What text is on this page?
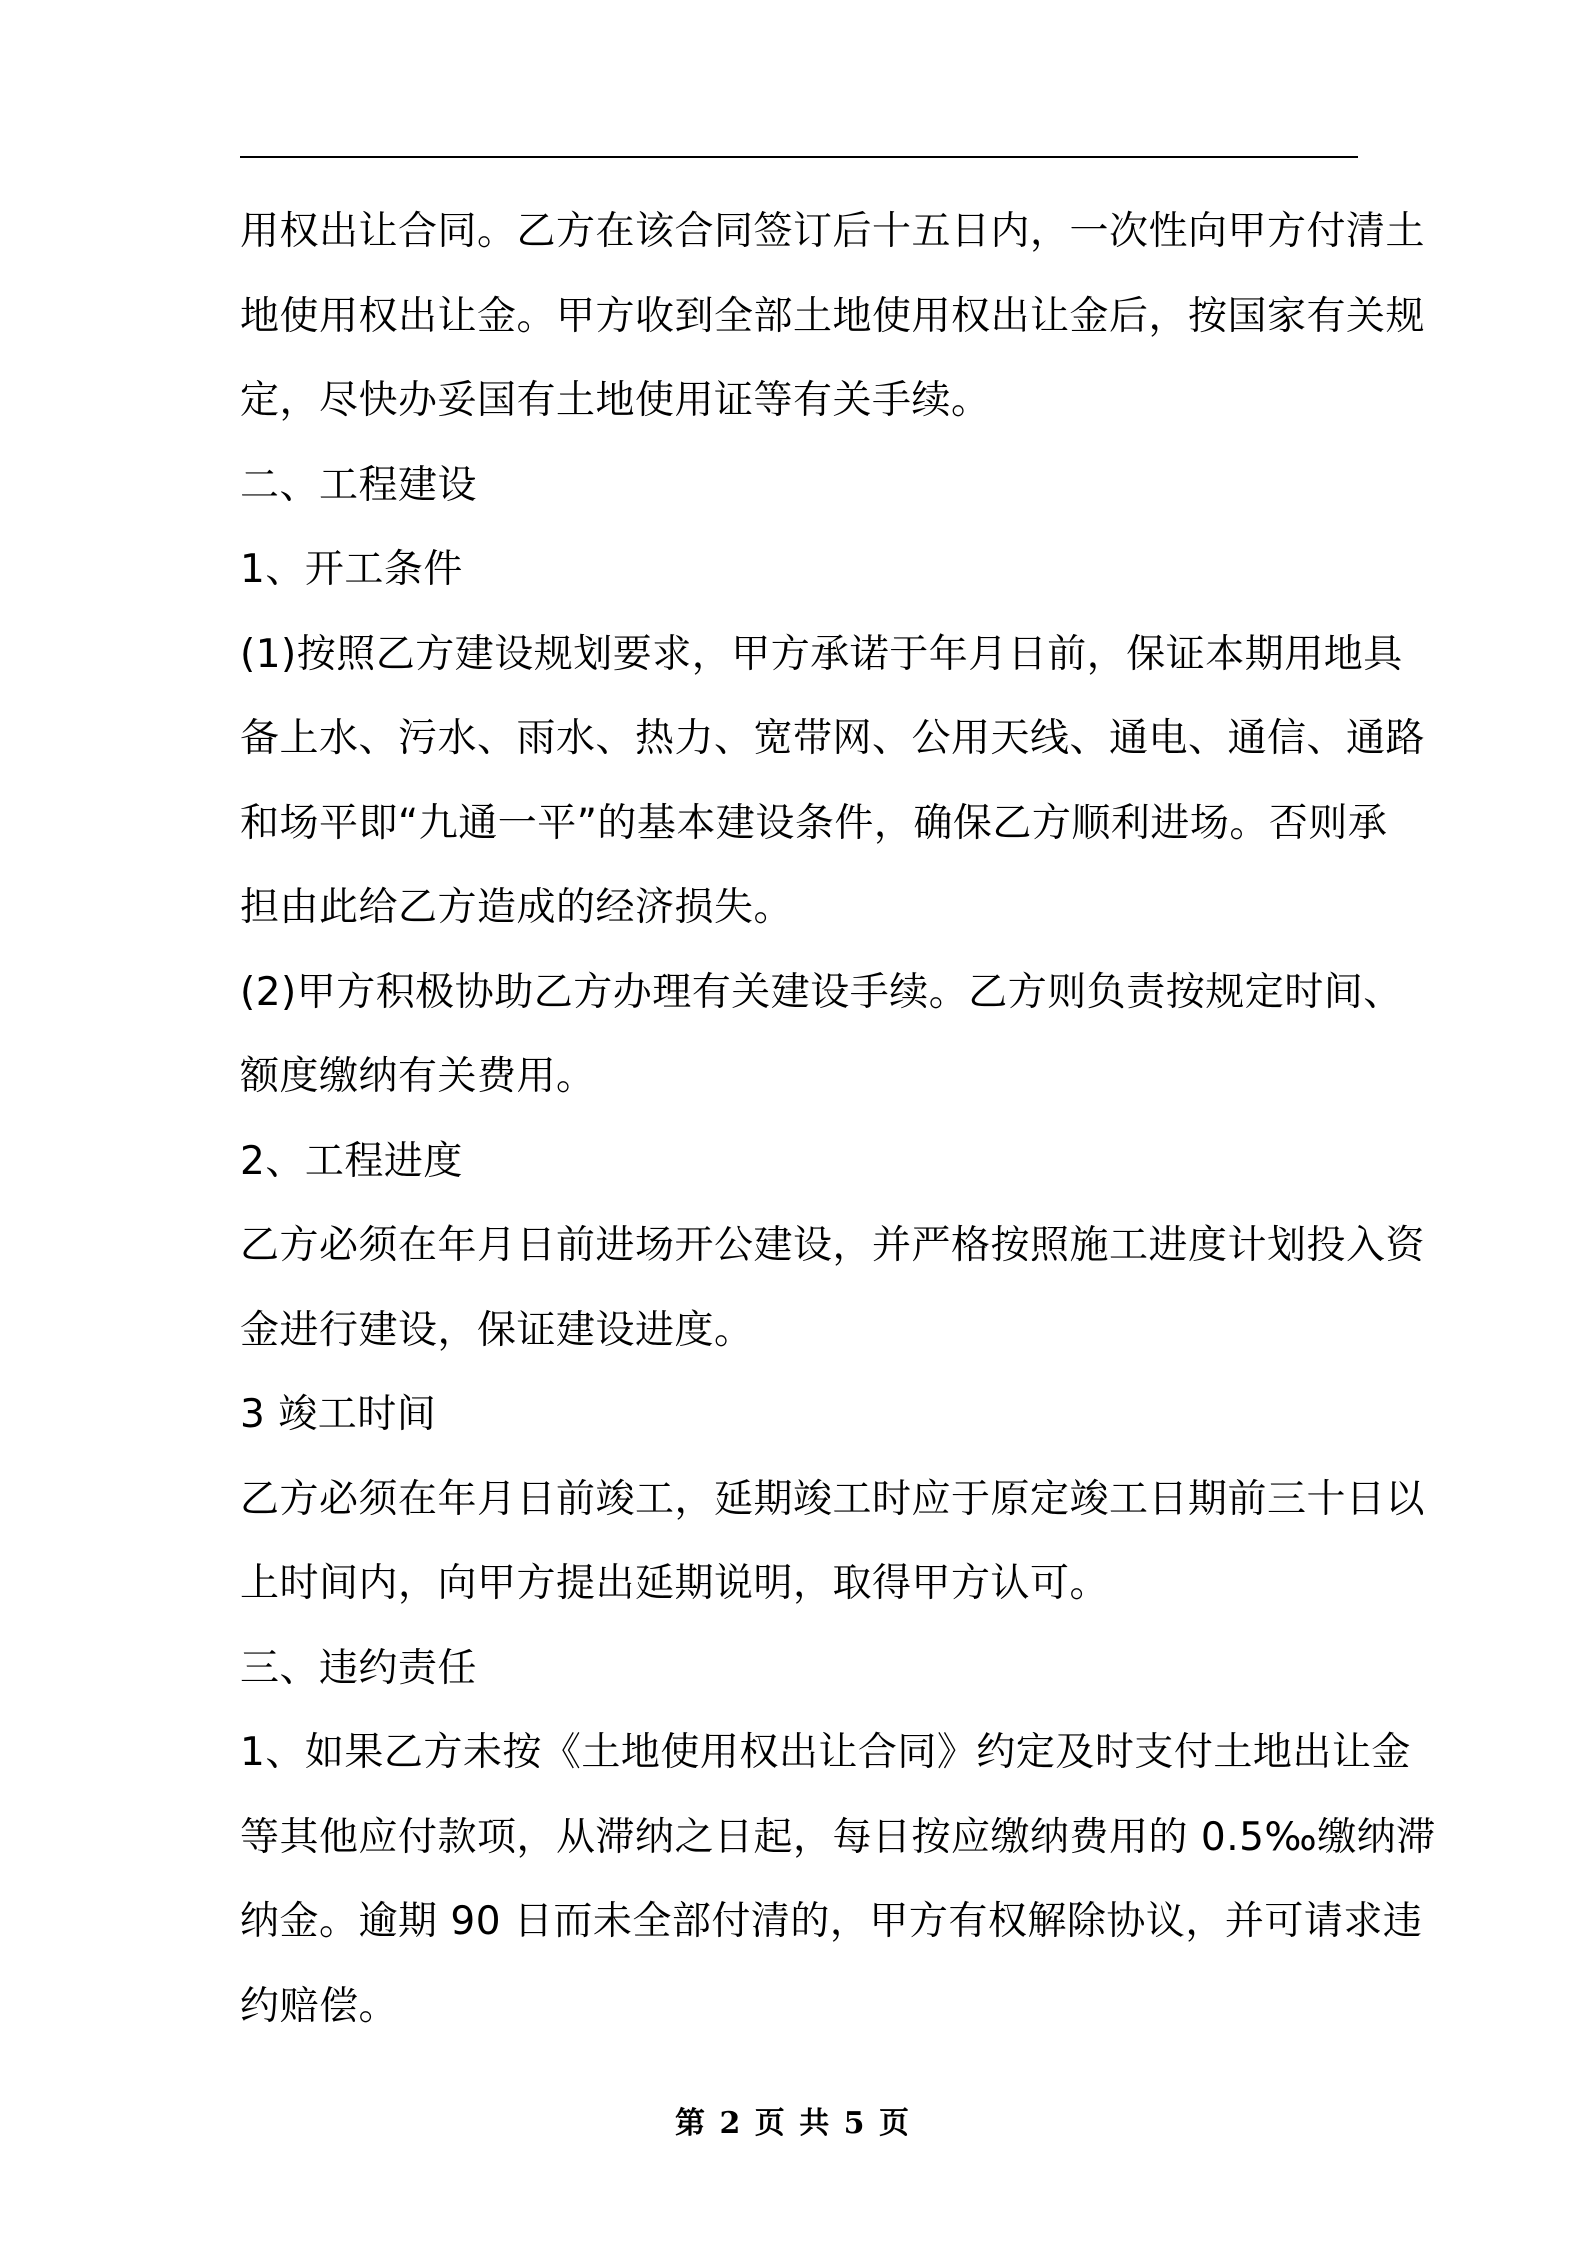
用权出让合同。乙方在该合同签订后十五日内，一次性向甲方付清土
地使用权出让金。甲方收到全部土地使用权出让金后，按国家有关规
定，尽快办妥国有土地使用证等有关手续。
二、工程建设
1、开工条件
(1)按照乙方建设规划要求，甲方承诺于年月日前，保证本期用地具
备上水、污水、雨水、热力、宽带网、公用天线、通电、通信、通路
和场平即“九通一平”的基本建设条件，确保乙方顺利进场。否则承
担由此给乙方造成的经济损失。
(2)甲方积极协助乙方办理有关建设手续。乙方则负责按规定时间、
额度缴纳有关费用。
2、工程进度
乙方必须在年月日前进场开公建设，并严格按照施工进度计划投入资
金进行建设，保证建设进度。
3 竣工时间
乙方必须在年月日前竣工，延期竣工时应于原定竣工日期前三十日以
上时间内，向甲方提出延期说明，取得甲方认可。
三、违约责任
1、如果乙方未按《土地使用权出让合同》约定及时支付土地出让金
等其他应付款项，从滞纳之日起，每日按应缴纳费用的 0.5‰缴纳滞
纳金。逾期 90 日而未全部付清的，甲方有权解除协议，并可请求违
约赔偿。
第 2 页 共 5 页
